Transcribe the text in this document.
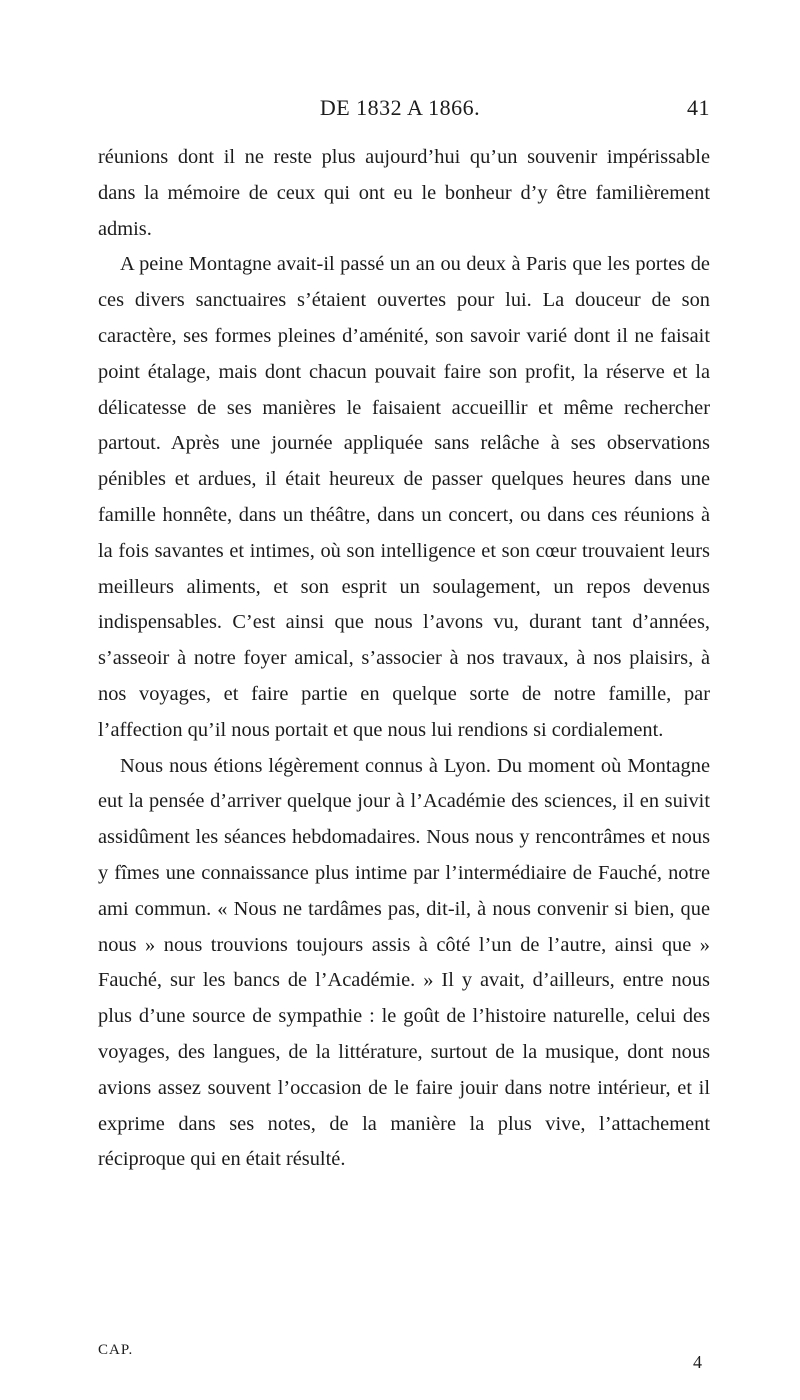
DE 1832 A 1866.	41

réunions dont il ne reste plus aujourd’hui qu’un souvenir impérissable dans la mémoire de ceux qui ont eu le bonheur d’y être familièrement admis.

A peine Montagne avait-il passé un an ou deux à Paris que les portes de ces divers sanctuaires s’étaient ouvertes pour lui. La douceur de son caractère, ses formes pleines d’aménité, son savoir varié dont il ne faisait point étalage, mais dont chacun pouvait faire son profit, la réserve et la délicatesse de ses manières le faisaient accueillir et même rechercher partout. Après une journée appliquée sans relâche à ses observations pénibles et ardues, il était heureux de passer quelques heures dans une famille honnête, dans un théâtre, dans un concert, ou dans ces réunions à la fois savantes et intimes, où son intelligence et son cœur trouvaient leurs meilleurs aliments, et son esprit un soulagement, un repos devenus indispensables. C’est ainsi que nous l’avons vu, durant tant d’années, s’asseoir à notre foyer amical, s’associer à nos travaux, à nos plaisirs, à nos voyages, et faire partie en quelque sorte de notre famille, par l’affection qu’il nous portait et que nous lui rendions si cordialement.

Nous nous étions légèrement connus à Lyon. Du moment où Montagne eut la pensée d’arriver quelque jour à l’Académie des sciences, il en suivit assidûment les séances hebdomadaires. Nous nous y rencontrâmes et nous y fîmes une connaissance plus intime par l’intermédiaire de Fauché, notre ami commun. « Nous ne tardâmes pas, dit-il, à nous convenir si bien, que nous » nous trouvions toujours assis à côté l’un de l’autre, ainsi que » Fauché, sur les bancs de l’Académie. » Il y avait, d’ailleurs, entre nous plus d’une source de sympathie : le goût de l’histoire naturelle, celui des voyages, des langues, de la littérature, surtout de la musique, dont nous avions assez souvent l’occasion de le faire jouir dans notre intérieur, et il exprime dans ses notes, de la manière la plus vive, l’attachement réciproque qui en était résulté.

CAP.
4
